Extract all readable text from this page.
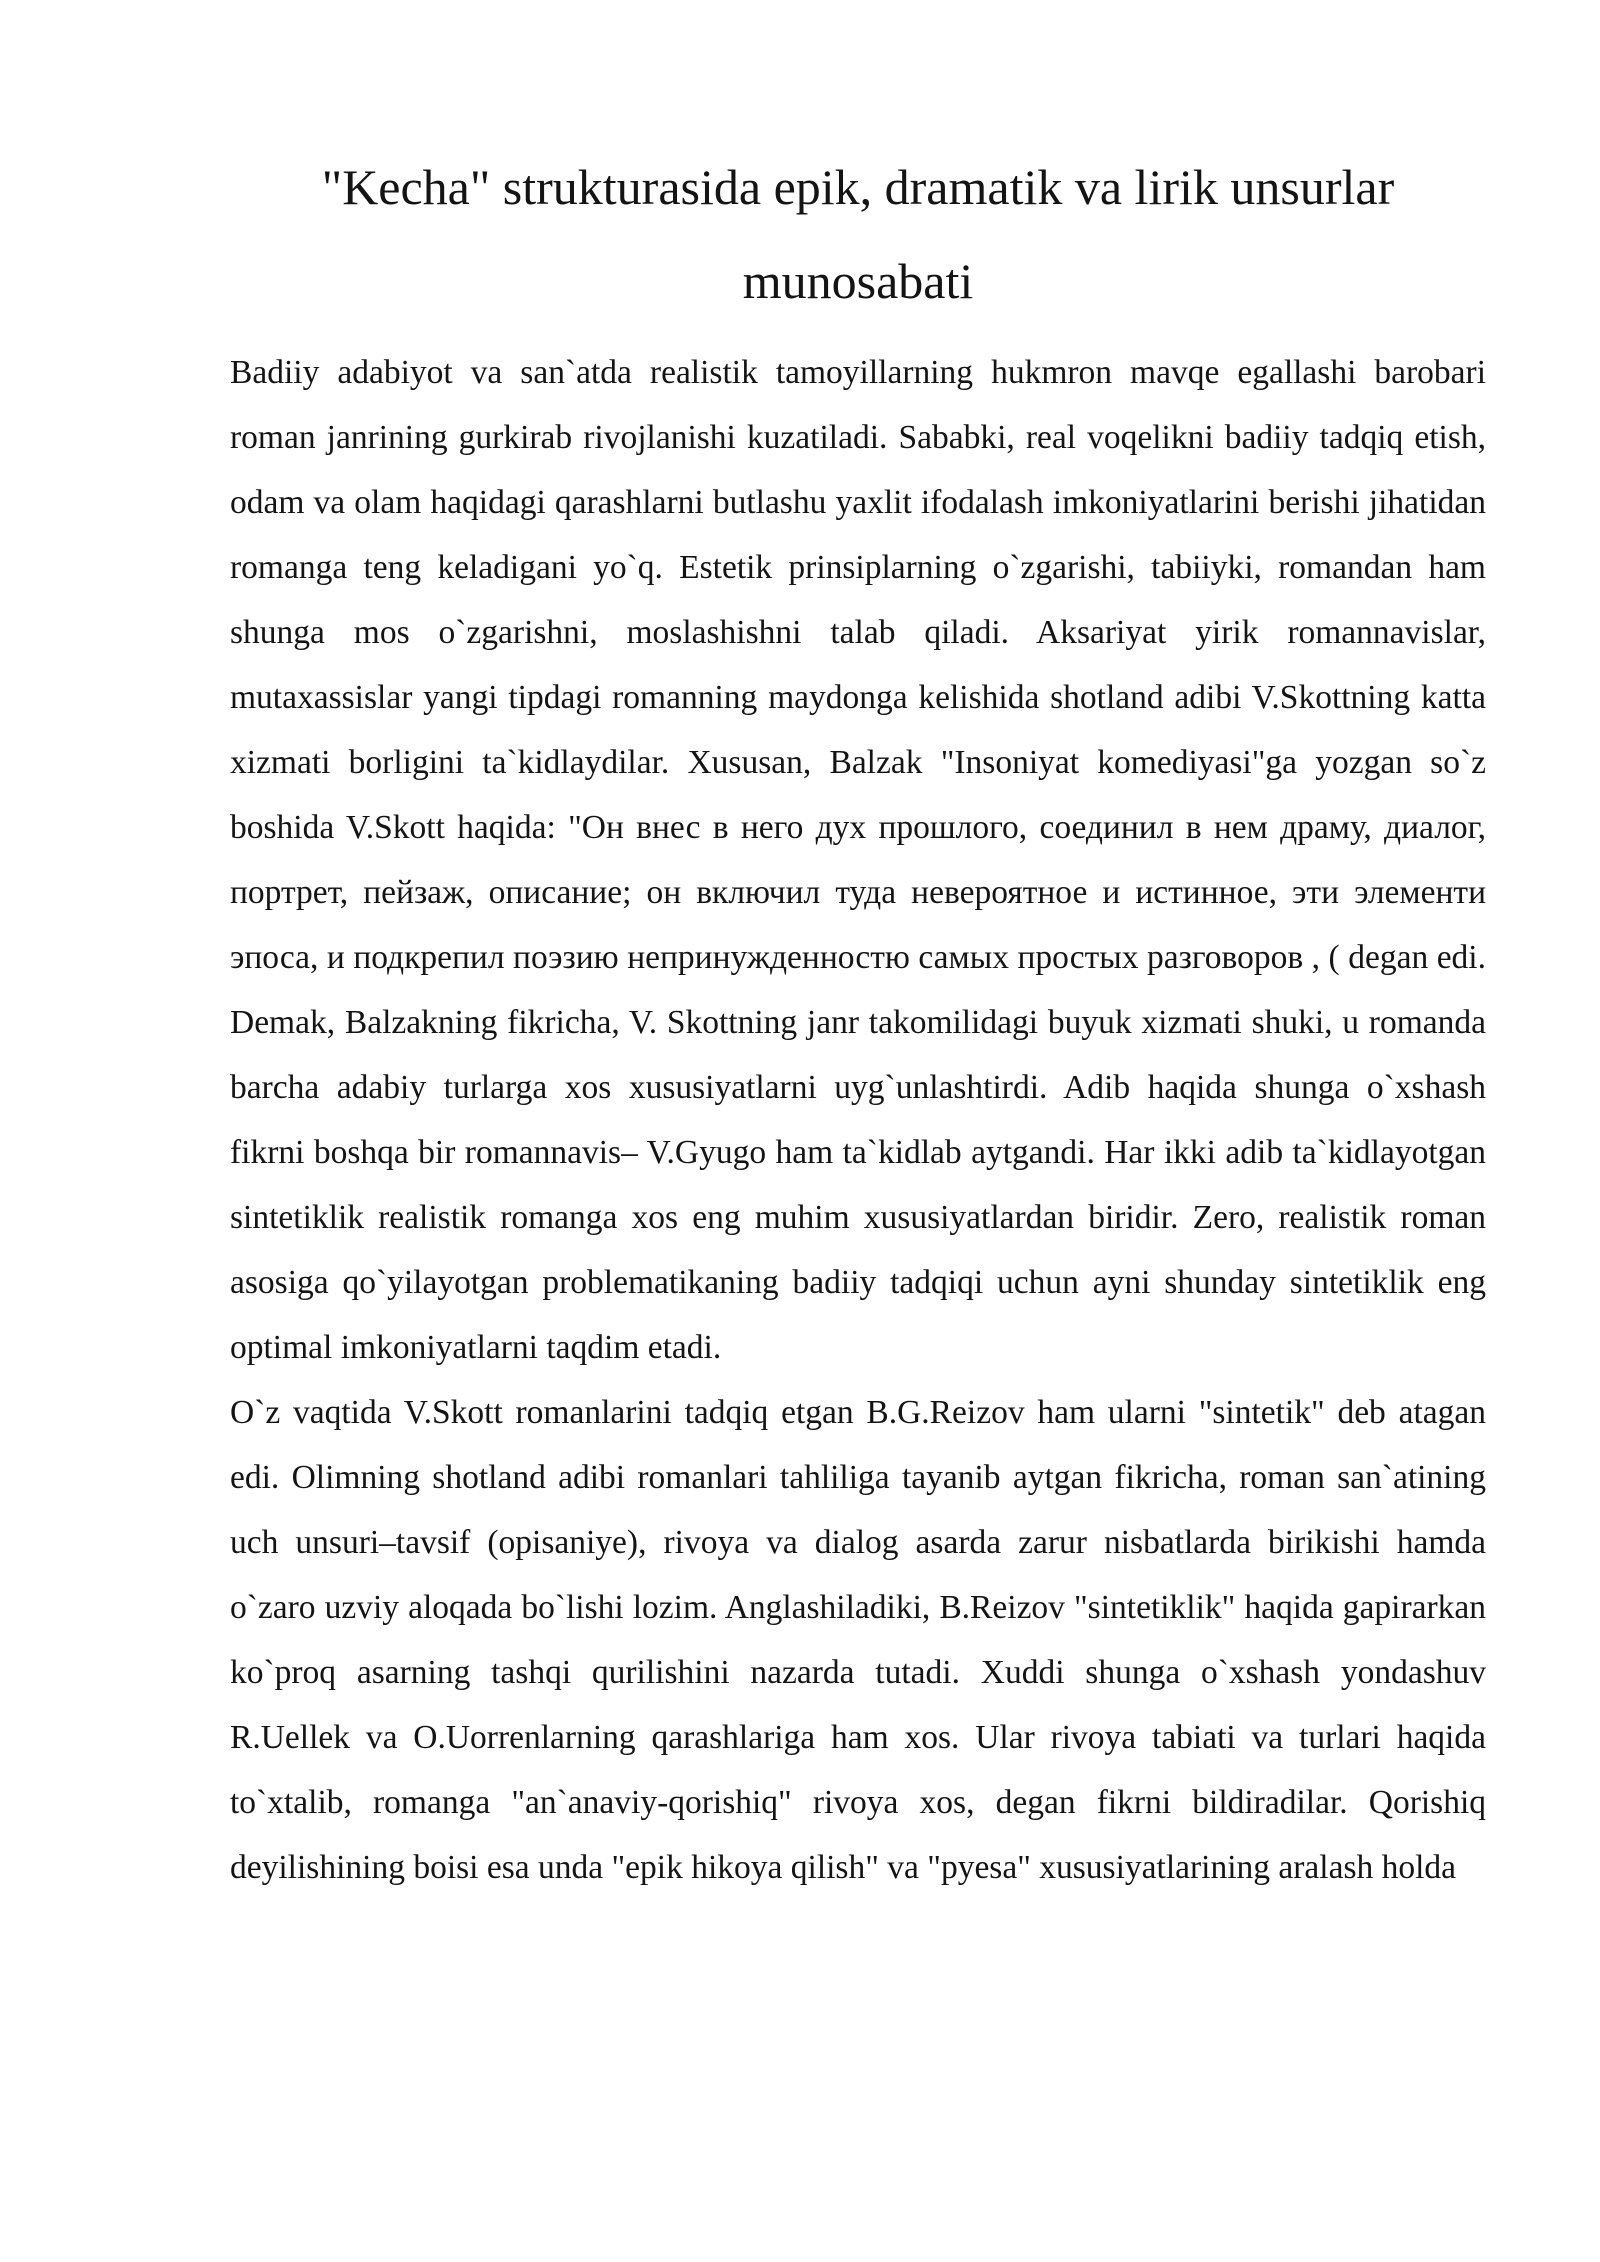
"Kecha" strukturasida epik, dramatik va lirik unsurlar munosabati

Badiiy adabiyot va san`atda realistik tamoyillarning hukmron mavqe egallashi barobari roman janrining gurkirab rivojlanishi kuzatiladi. Sababki, real voqelikni badiiy tadqiq etish, odam va olam haqidagi qarashlarni butlashu yaxlit ifodalash imkoniyatlarini berishi jihatidan romanga teng keladigani yo`q. Estetik prinsiplarning o`zgarishi, tabiiyki, romandan ham shunga mos o`zgarishni, moslashishni talab qiladi. Aksariyat yirik romannavislar, mutaxassislar yangi tipdagi romanning maydonga kelishida shotland adibi V.Skottning katta xizmati borligini ta`kidlaydilar. Xususan, Balzak "Insoniyat komediyasi"ga yozgan so`z boshida V.Skott haqida: "Он внес в него дух прошлого, соединил в нем драму, диалог, портрет, пейзаж, описание; он включил туда невероятное и истинное, эти элементи эпоса, и подкрепил поэзию непринужденностю самых простых разговоров , ( degan edi. Demak, Balzakning fikricha, V. Skottning janr takomilidagi buyuk xizmati shuki, u romanda barcha adabiy turlarga xos xususiyatlarni uyg`unlashtirdi. Adib haqida shunga o`xshash fikrni boshqa bir romannavis– V.Gyugo ham ta`kidlab aytgandi. Har ikki adib ta`kidlayotgan sintetiklik realistik romanga xos eng muhim xususiyatlardan biridir. Zero, realistik roman asosiga qo`yilayotgan problematikaning badiiy tadqiqi uchun ayni shunday sintetiklik eng optimal imkoniyatlarni taqdim etadi.

O`z vaqtida V.Skott romanlarini tadqiq etgan B.G.Reizov ham ularni "sintetik" deb atagan edi. Olimning shotland adibi romanlari tahliliga tayanib aytgan fikricha, roman san`atining uch unsuri–tavsif (opisaniye), rivoya va dialog asarda zarur nisbatlarda birikishi hamda o`zaro uzviy aloqada bo`lishi lozim. Anglashiladiki, B.Reizov "sintetiklik" haqida gapirarkan ko`proq asarning tashqi qurilishini nazarda tutadi. Xuddi shunga o`xshash yondashuv R.Uellek va O.Uorrenlarning qarashlariga ham xos. Ular rivoya tabiati va turlari haqida to`xtalib, romanga "an`anaviy-qorishiq" rivoya xos, degan fikrni bildiradilar. Qorishiq deyilishining boisi esa unda "epik hikoya qilish" va "pyesa" xususiyatlarining aralash holda
